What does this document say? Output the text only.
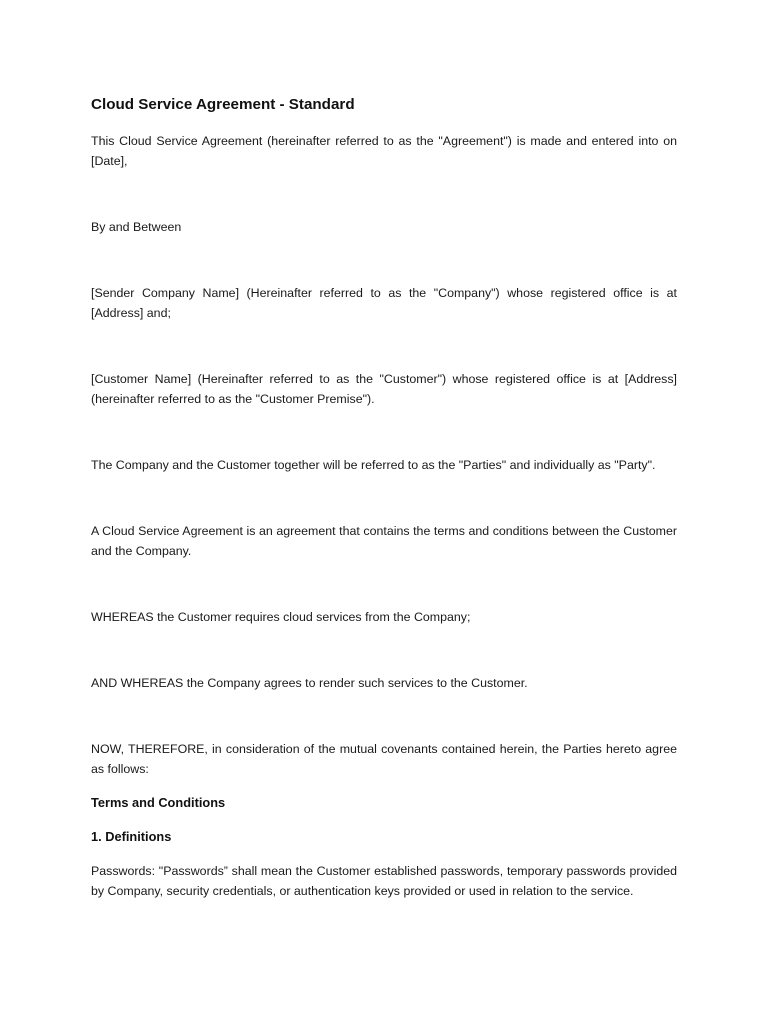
Cloud Service Agreement - Standard

This Cloud Service Agreement (hereinafter referred to as the "Agreement") is made and entered into on [Date],

By and Between

[Sender Company Name] (Hereinafter referred to as the "Company") whose registered office is at [Address] and;

[Customer Name] (Hereinafter referred to as the "Customer") whose registered office is at [Address] (hereinafter referred to as the "Customer Premise").

The Company and the Customer together will be referred to as the "Parties" and individually as "Party".

A Cloud Service Agreement is an agreement that contains the terms and conditions between the Customer and the Company.

WHEREAS the Customer requires cloud services from the Company;

AND WHEREAS the Company agrees to render such services to the Customer.

NOW, THEREFORE, in consideration of the mutual covenants contained herein, the Parties hereto agree as follows:

Terms and Conditions
1. Definitions

Passwords: "Passwords” shall mean the Customer established passwords, temporary passwords provided by Company, security credentials, or authentication keys provided or used in relation to the service.
